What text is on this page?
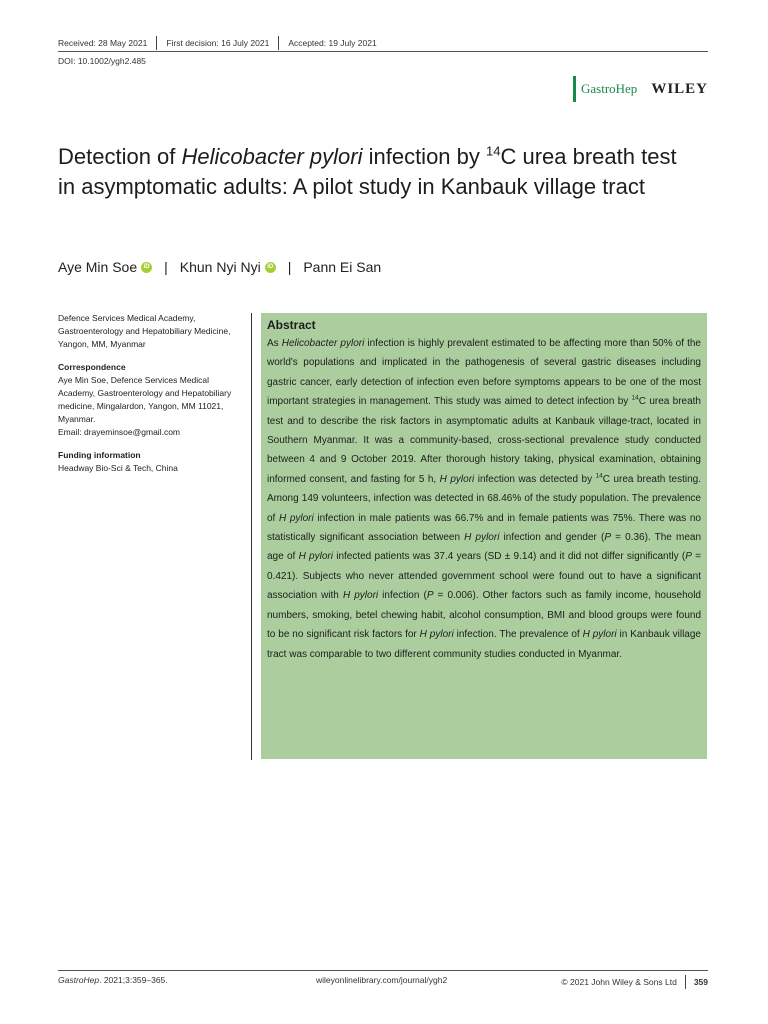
Received: 28 May 2021 First decision: 16 July 2021 Accepted: 19 July 2021
DOI: 10.1002/ygh2.485
GastroHep WILEY
Detection of Helicobacter pylori infection by $^{14}$C urea breath test in asymptomatic adults: A pilot study in Kanbauk village tract
Aye Min Soe	iD | Khun Nyi Nyi	iD | Pann Ei San

Defence Services Medical Academy, Gastroenterology and Hepatobiliary Medicine, Yangon, MM, Myanmar

Correspondence

Aye Min Soe, Defence Services Medical Academy, Gastroenterology and Hepatobiliary medicine, Mingalardon, Yangon, MM 11021, Myanmar.

Email: drayeminsoe@gmail.com

Funding information

Headway Bio-Sci & Tech, China

Abstract

As Helicobacter pylori infection is highly prevalent estimated to be affecting more than 50% of the world's populations and implicated in the pathogenesis of several gastric diseases including gastric cancer, early detection of infection even before symptoms appears to be one of the most important strategies in management. This study was aimed to detect infection by $^{14}$C urea breath test and to describe the risk factors in asymptomatic adults at Kanbauk village-tract, located in Southern Myanmar. It was a community-based, cross-sectional prevalence study conducted between 4 and 9 October 2019. After thorough history taking, physical examination, obtaining informed consent, and fasting for 5 h, H pylori infection was detected by $^{14}$C urea breath testing. Among 149 volunteers, infection was detected in 68.46% of the study population. The prevalence of H pylori infection in male patients was 66.7% and in female patients was 75%. There was no statistically significant association between H pylori infection and gender (P = 0.36). The mean age of H pylori infected patients was 37.4 years (SD ± 9.14) and it did not differ significantly (P = 0.421). Subjects who never attended government school were found out to have a significant association with H pylori infection (P = 0.006). Other factors such as family income, household numbers, smoking, betel chewing habit, alcohol consumption, BMI and blood groups were found to be no significant risk factors for H pylori infection. The prevalence of H pylori in Kanbauk village tract was comparable to two different community studies conducted in Myanmar.

GastroHep. 2021;3:359–365.	wileyonlinelibrary.com/journal/ygh2	© 2021 John Wiley & Sons Ltd 359
